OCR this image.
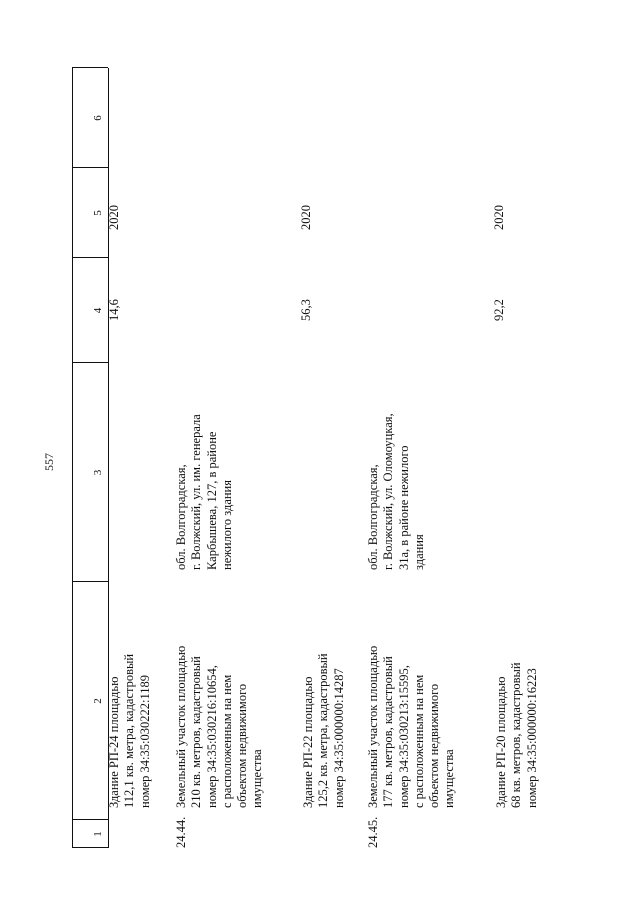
557
1
2
3
4
5
6
Здание РП-24 площадью
112,1 кв. метра, кадастровый
номер 34:35:030222:1189
14,6
2020
24.44.
Земельный участок площадью
210 кв. метров, кадастровый
номер 34:35:030216:10654,
с расположенным на нем
объектом недвижимого
имущества
обл. Волгоградская,
г. Волжский, ул. им. генерала
Карбышева, 127, в районе
нежилого здания
Здание РП-22 площадью
125,2 кв. метра, кадастровый
номер 34:35:000000:14287
56,3
2020
24.45.
Земельный участок площадью
177 кв. метров, кадастровый
номер 34:35:030213:15595,
с расположенным на нем
объектом недвижимого
имущества
обл. Волгоградская,
г. Волжский, ул. Оломоуцкая,
31а, в районе нежилого
здания
Здание РП-20 площадью
68 кв. метров, кадастровый
номер 34:35:000000:16223
92,2
2020
